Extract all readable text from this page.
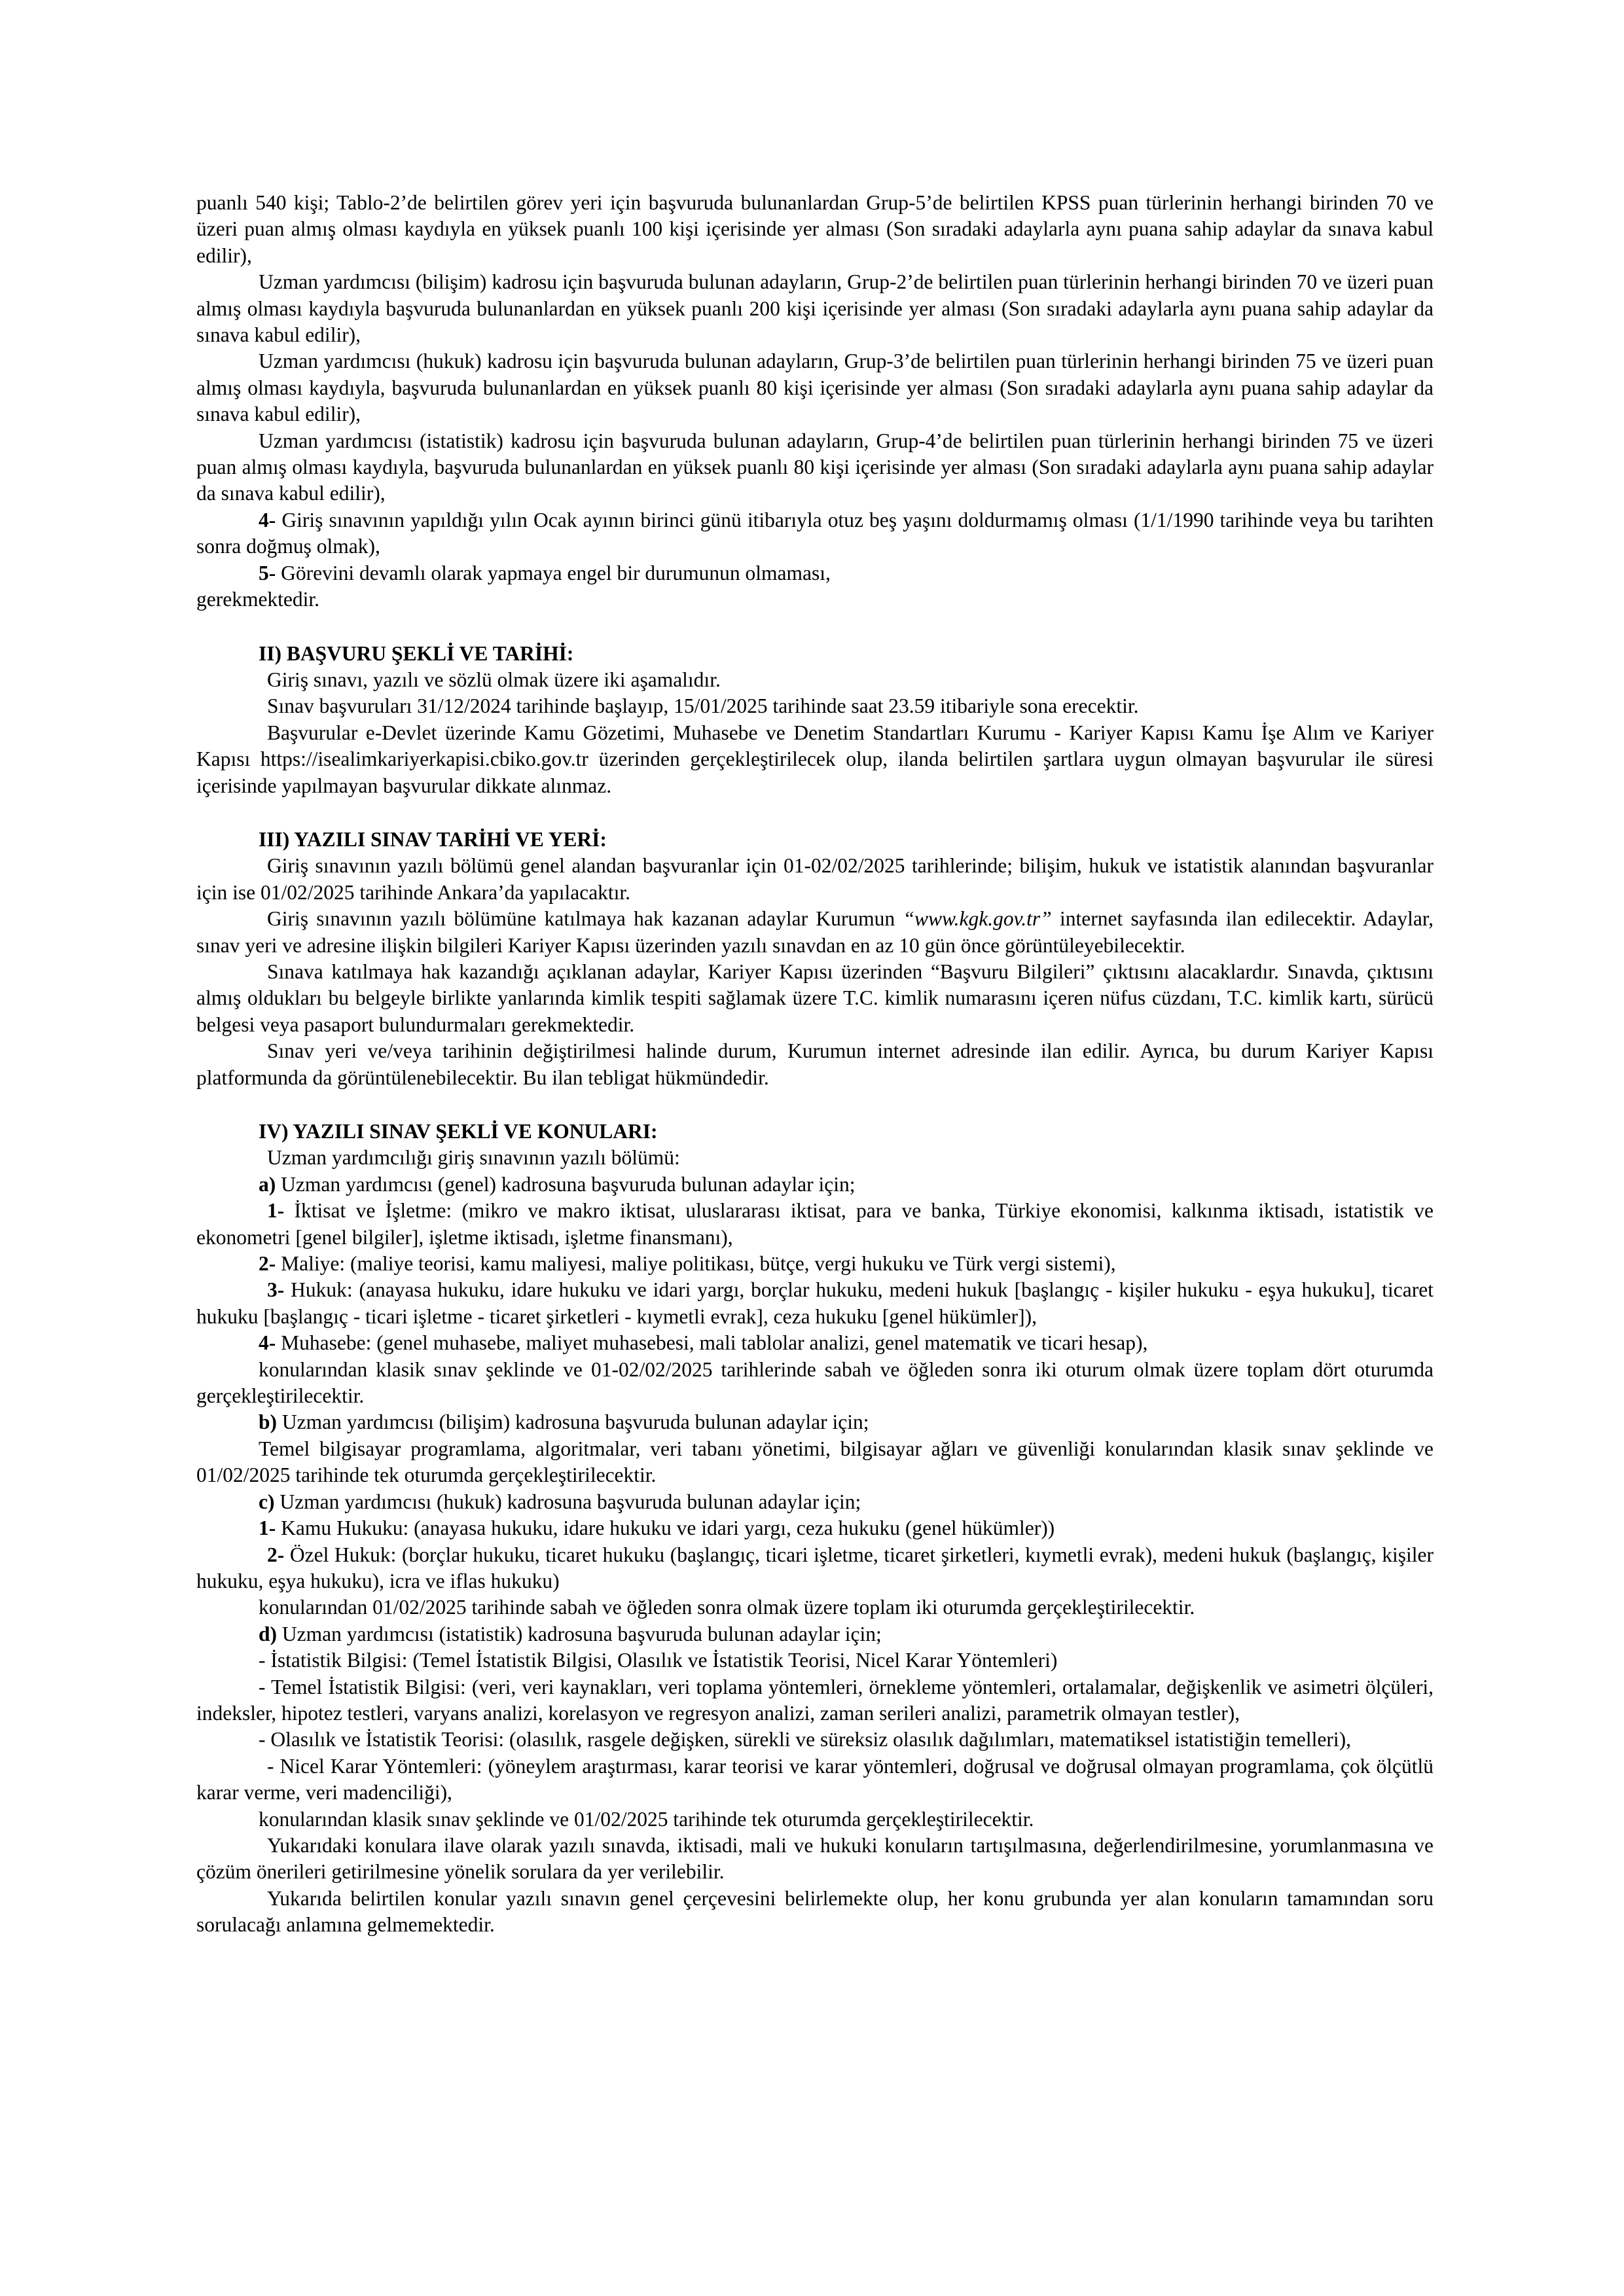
puanlı 540 kişi; Tablo-2’de belirtilen görev yeri için başvuruda bulunanlardan Grup-5’de belirtilen KPSS puan türlerinin herhangi birinden 70 ve üzeri puan almış olması kaydıyla en yüksek puanlı 100 kişi içerisinde yer alması (Son sıradaki adaylarla aynı puana sahip adaylar da sınava kabul edilir),

Uzman yardımcısı (bilişim) kadrosu için başvuruda bulunan adayların, Grup-2’de belirtilen puan türlerinin herhangi birinden 70 ve üzeri puan almış olması kaydıyla başvuruda bulunanlardan en yüksek puanlı 200 kişi içerisinde yer alması (Son sıradaki adaylarla aynı puana sahip adaylar da sınava kabul edilir),

Uzman yardımcısı (hukuk) kadrosu için başvuruda bulunan adayların, Grup-3’de belirtilen puan türlerinin herhangi birinden 75 ve üzeri puan almış olması kaydıyla, başvuruda bulunanlardan en yüksek puanlı 80 kişi içerisinde yer alması (Son sıradaki adaylarla aynı puana sahip adaylar da sınava kabul edilir),

Uzman yardımcısı (istatistik) kadrosu için başvuruda bulunan adayların, Grup-4’de belirtilen puan türlerinin herhangi birinden 75 ve üzeri puan almış olması kaydıyla, başvuruda bulunanlardan en yüksek puanlı 80 kişi içerisinde yer alması (Son sıradaki adaylarla aynı puana sahip adaylar da sınava kabul edilir),

4- Giriş sınavının yapıldığı yılın Ocak ayının birinci günü itibarıyla otuz beş yaşını doldurmamış olması (1/1/1990 tarihinde veya bu tarihten sonra doğmuş olmak),

5- Görevini devamlı olarak yapmaya engel bir durumunun olmaması,

gerekmektedir.

II) BAŞVURU ŞEKLİ VE TARİHİ:

Giriş sınavı, yazılı ve sözlü olmak üzere iki aşamalıdır.

Sınav başvuruları 31/12/2024 tarihinde başlayıp, 15/01/2025 tarihinde saat 23.59 itibariyle sona erecektir.

Başvurular e-Devlet üzerinde Kamu Gözetimi, Muhasebe ve Denetim Standartları Kurumu - Kariyer Kapısı Kamu İşe Alım ve Kariyer Kapısı https://isealimkariyerkapisi.cbiko.gov.tr üzerinden gerçekleştirilecek olup, ilanda belirtilen şartlara uygun olmayan başvurular ile süresi içerisinde yapılmayan başvurular dikkate alınmaz.

III) YAZILI SINAV TARİHİ VE YERİ:

Giriş sınavının yazılı bölümü genel alandan başvuranlar için 01-02/02/2025 tarihlerinde; bilişim, hukuk ve istatistik alanından başvuranlar için ise 01/02/2025 tarihinde Ankara’da yapılacaktır.

Giriş sınavının yazılı bölümüne katılmaya hak kazanan adaylar Kurumun “www.kgk.gov.tr” internet sayfasında ilan edilecektir. Adaylar, sınav yeri ve adresine ilişkin bilgileri Kariyer Kapısı üzerinden yazılı sınavdan en az 10 gün önce görüntüleyebilecektir.

Sınava katılmaya hak kazandığı açıklanan adaylar, Kariyer Kapısı üzerinden “Başvuru Bilgileri” çıktısını alacaklardır. Sınavda, çıktısını almış oldukları bu belgeyle birlikte yanlarında kimlik tespiti sağlamak üzere T.C. kimlik numarasını içeren nüfus cüzdanı, T.C. kimlik kartı, sürücü belgesi veya pasaport bulundurmaları gerekmektedir.

Sınav yeri ve/veya tarihinin değiştirilmesi halinde durum, Kurumun internet adresinde ilan edilir. Ayrıca, bu durum Kariyer Kapısı platformunda da görüntülenebilecektir. Bu ilan tebligat hükmündedir.

IV) YAZILI SINAV ŞEKLİ VE KONULARI:

Uzman yardımcılığı giriş sınavının yazılı bölümü:

a) Uzman yardımcısı (genel) kadrosuna başvuruda bulunan adaylar için;

1- İktisat ve İşletme: (mikro ve makro iktisat, uluslararası iktisat, para ve banka, Türkiye ekonomisi, kalkınma iktisadı, istatistik ve ekonometri [genel bilgiler], işletme iktisadı, işletme finansmanı),

2- Maliye: (maliye teorisi, kamu maliyesi, maliye politikası, bütçe, vergi hukuku ve Türk vergi sistemi),

3- Hukuk: (anayasa hukuku, idare hukuku ve idari yargı, borçlar hukuku, medeni hukuk [başlangıç - kişiler hukuku - eşya hukuku], ticaret hukuku [başlangıç - ticari işletme - ticaret şirketleri - kıymetli evrak], ceza hukuku [genel hükümler]),

4- Muhasebe: (genel muhasebe, maliyet muhasebesi, mali tablolar analizi, genel matematik ve ticari hesap),

konularından klasik sınav şeklinde ve 01-02/02/2025 tarihlerinde sabah ve öğleden sonra iki oturum olmak üzere toplam dört oturumda gerçekleştirilecektir.

b) Uzman yardımcısı (bilişim) kadrosuna başvuruda bulunan adaylar için;

Temel bilgisayar programlama, algoritmalar, veri tabanı yönetimi, bilgisayar ağları ve güvenliği konularından klasik sınav şeklinde ve 01/02/2025 tarihinde tek oturumda gerçekleştirilecektir.

c) Uzman yardımcısı (hukuk) kadrosuna başvuruda bulunan adaylar için;

1- Kamu Hukuku: (anayasa hukuku, idare hukuku ve idari yargı, ceza hukuku (genel hükümler))

2- Özel Hukuk: (borçlar hukuku, ticaret hukuku (başlangıç, ticari işletme, ticaret şirketleri, kıymetli evrak), medeni hukuk (başlangıç, kişiler hukuku, eşya hukuku), icra ve iflas hukuku)

konularından 01/02/2025 tarihinde sabah ve öğleden sonra olmak üzere toplam iki oturumda gerçekleştirilecektir.

d) Uzman yardımcısı (istatistik) kadrosuna başvuruda bulunan adaylar için;

- İstatistik Bilgisi: (Temel İstatistik Bilgisi, Olasılık ve İstatistik Teorisi, Nicel Karar Yöntemleri)

- Temel İstatistik Bilgisi: (veri, veri kaynakları, veri toplama yöntemleri, örnekleme yöntemleri, ortalamalar, değişkenlik ve asimetri ölçüleri, indeksler, hipotez testleri, varyans analizi, korelasyon ve regresyon analizi, zaman serileri analizi, parametrik olmayan testler),

- Olasılık ve İstatistik Teorisi: (olasılık, rasgele değişken, sürekli ve süreksiz olasılık dağılımları, matematiksel istatistiğin temelleri),

- Nicel Karar Yöntemleri: (yöneylem araştırması, karar teorisi ve karar yöntemleri, doğrusal ve doğrusal olmayan programlama, çok ölçütlü karar verme, veri madenciliği),

konularından klasik sınav şeklinde ve 01/02/2025 tarihinde tek oturumda gerçekleştirilecektir.

Yukarıdaki konulara ilave olarak yazılı sınavda, iktisadi, mali ve hukuki konuların tartışılmasına, değerlendirilmesine, yorumlanmasına ve çözüm önerileri getirilmesine yönelik sorulara da yer verilebilir.

Yukarıda belirtilen konular yazılı sınavın genel çerçevesini belirlemekte olup, her konu grubunda yer alan konuların tamamından soru sorulacağı anlamına gelmemektedir.
